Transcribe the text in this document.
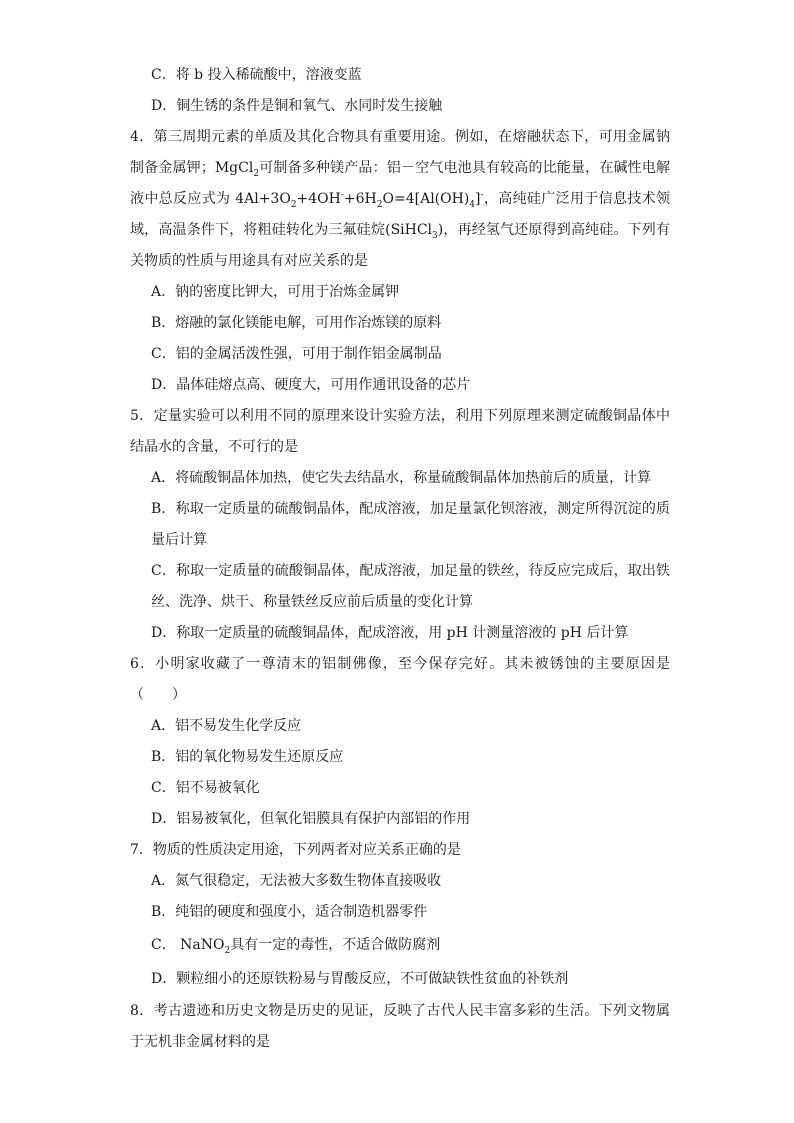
C．将 b 投入稀硫酸中，溶液变蓝

D．铜生锈的条件是铜和氧气、水同时发生接触

4．第三周期元素的单质及其化合物具有重要用途。例如，在熔融状态下，可用金属钠制备金属钾；MgCl$_2$可制备多种镁产品：铝－空气电池具有较高的比能量，在碱性电解液中总反应式为 $4Al+3O_2+4OH^-+6H_2O=4[Al(OH)_4]^-$，高纯硅广泛用于信息技术领域，高温条件下，将粗硅转化为三氟硅烷(SiHCl$_3$)，再经氢气还原得到高纯硅。下列有关物质的性质与用途具有对应关系的是

A．钠的密度比钾大，可用于冶炼金属钾

B．熔融的氯化镁能电解，可用作冶炼镁的原料

C．铝的金属活泼性强，可用于制作铝金属制品

D．晶体硅熔点高、硬度大，可用作通讯设备的芯片

5．定量实验可以利用不同的原理来设计实验方法，利用下列原理来测定硫酸铜晶体中结晶水的含量，不可行的是

A．将硫酸铜晶体加热，使它失去结晶水，称量硫酸铜晶体加热前后的质量，计算

B．称取一定质量的硫酸铜晶体，配成溶液，加足量氯化钡溶液，测定所得沉淀的质量后计算

C．称取一定质量的硫酸铜晶体，配成溶液，加足量的铁丝，待反应完成后，取出铁丝、洗净、烘干、称量铁丝反应前后质量的变化计算

D．称取一定质量的硫酸铜晶体，配成溶液，用 pH 计测量溶液的 pH 后计算

6．小明家收藏了一尊清末的铝制佛像，至今保存完好。其未被锈蚀的主要原因是（　　）

A．铝不易发生化学反应

B．铝的氧化物易发生还原反应

C．铝不易被氧化

D．铝易被氧化，但氧化铝膜具有保护内部铝的作用

7．物质的性质决定用途，下列两者对应关系正确的是

A．氮气很稳定，无法被大多数生物体直接吸收

B．纯铝的硬度和强度小，适合制造机器零件

C． NaNO$_2$具有一定的毒性，不适合做防腐剂

D．颗粒细小的还原铁粉易与胃酸反应，不可做缺铁性贫血的补铁剂

8．考古遗迹和历史文物是历史的见证，反映了古代人民丰富多彩的生活。下列文物属于无机非金属材料的是
